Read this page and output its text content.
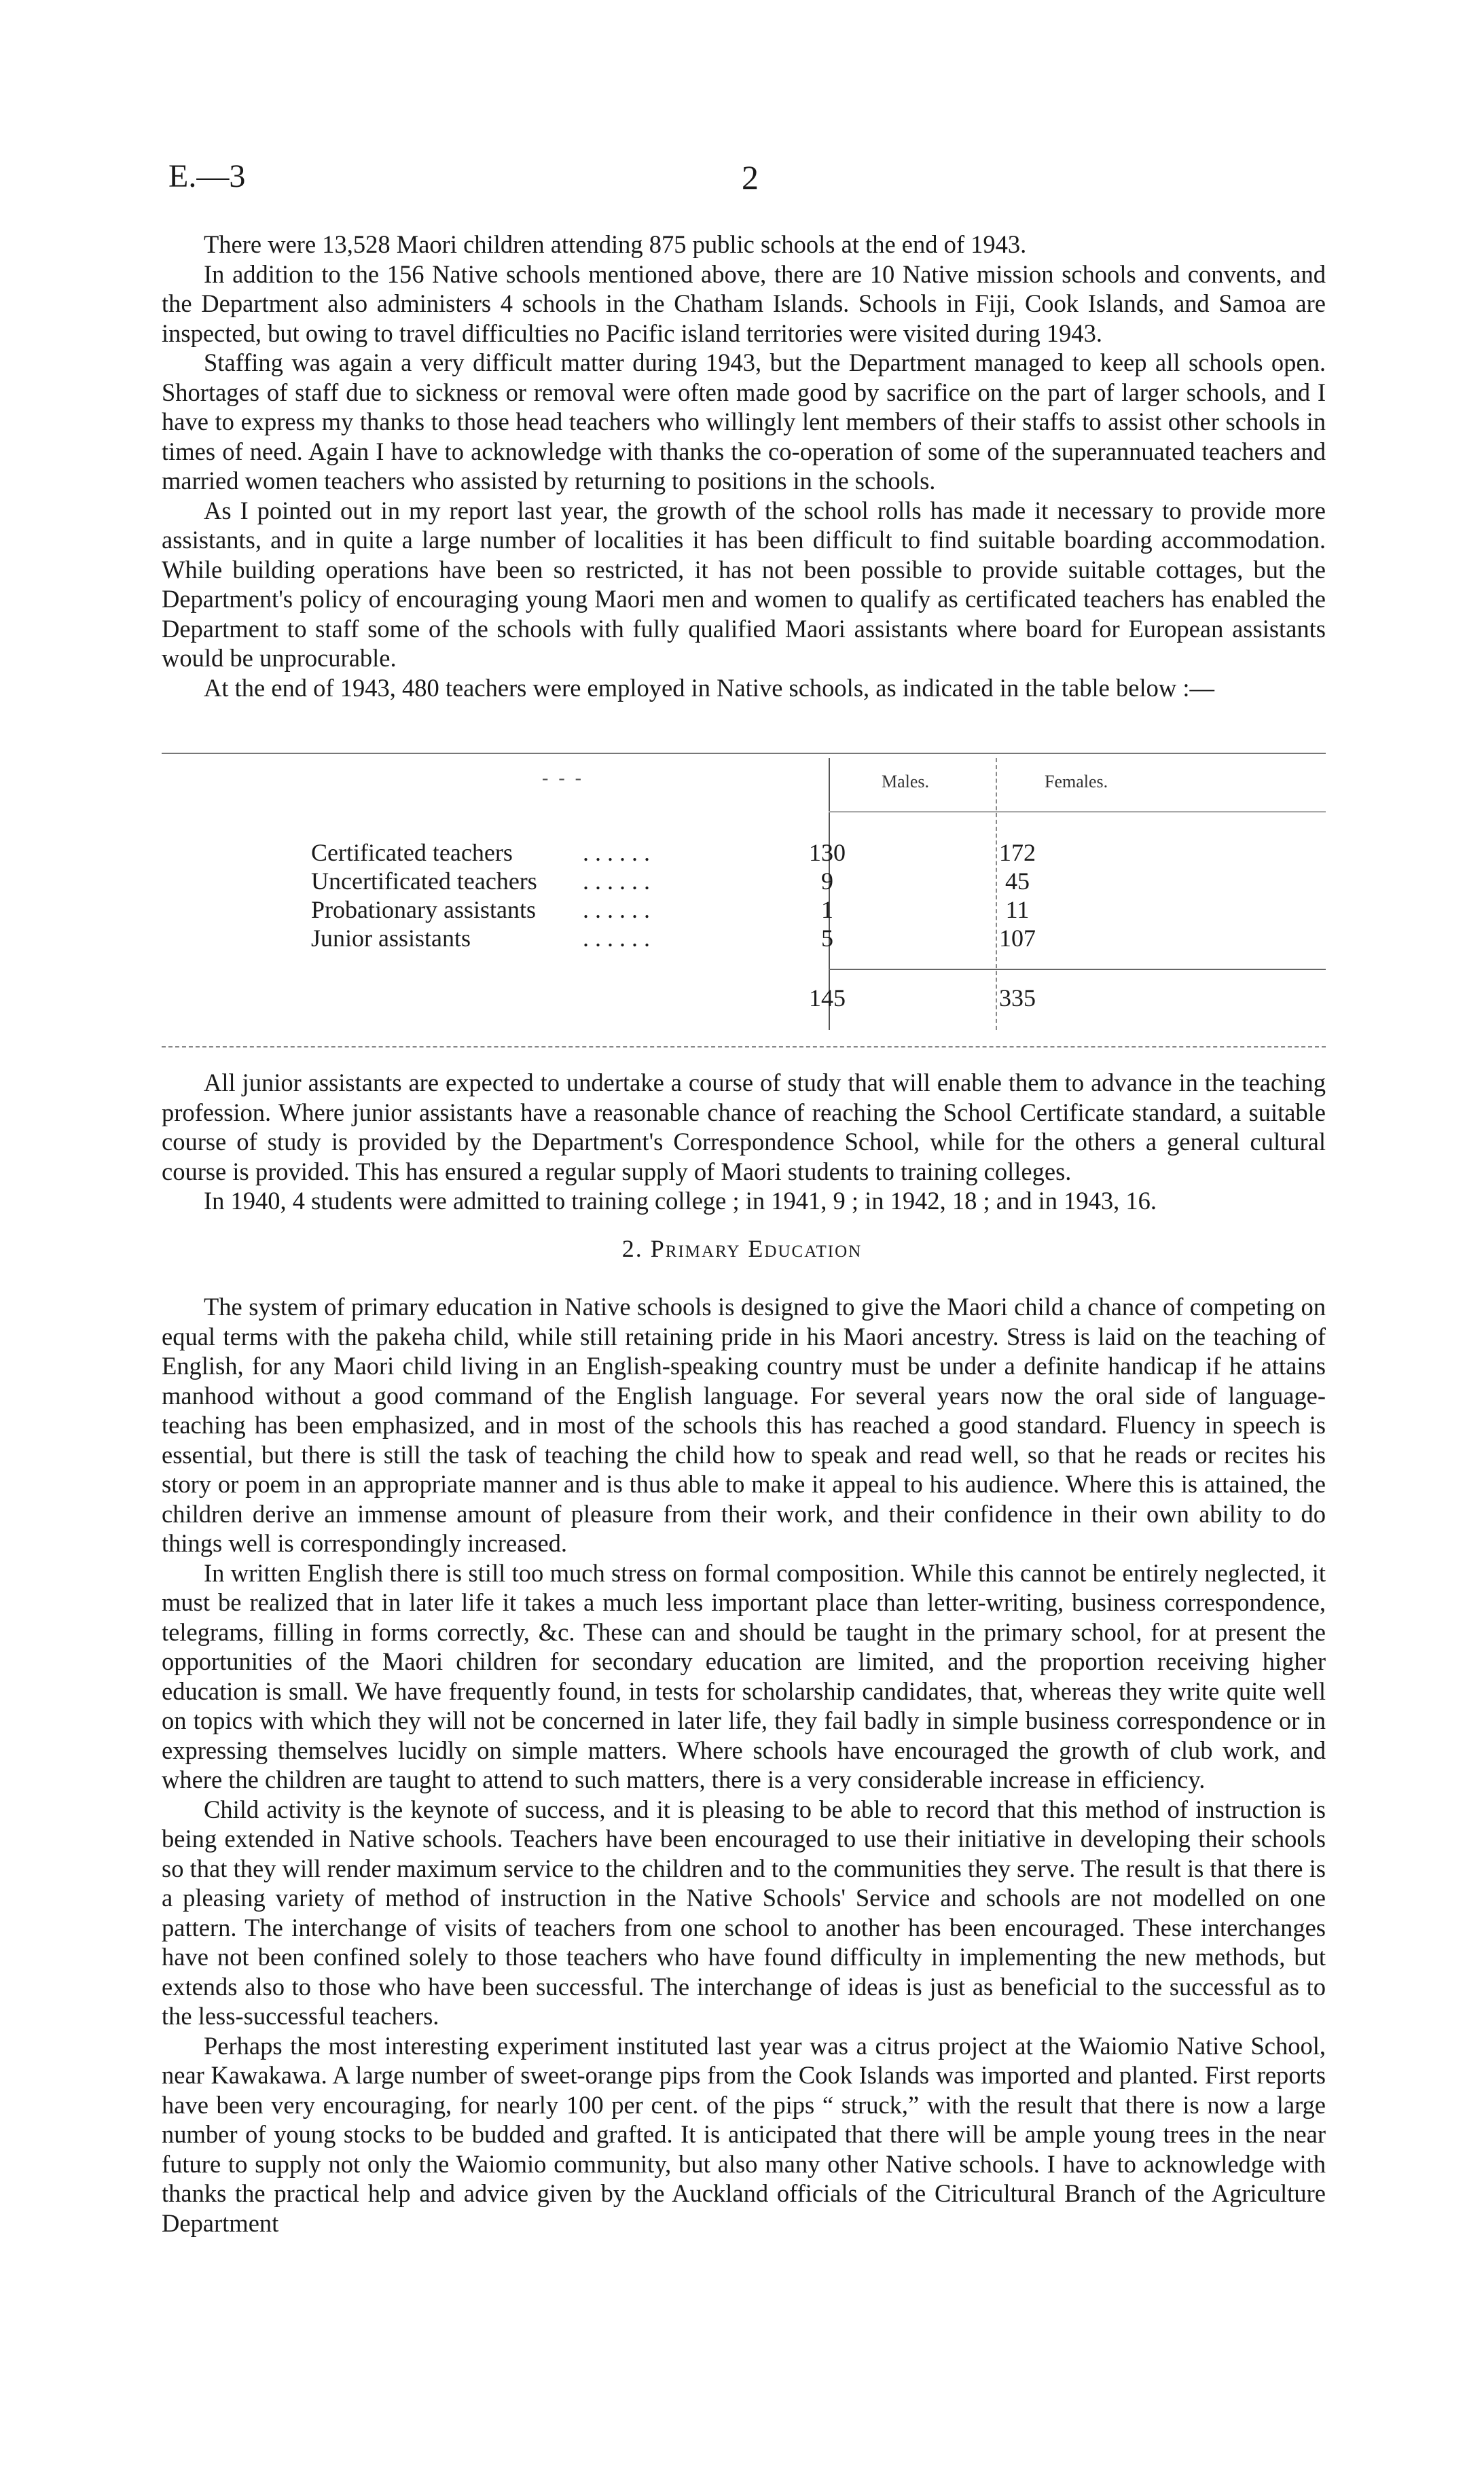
E.—3	2

There were 13,528 Maori children attending 875 public schools at the end of 1943.

In addition to the 156 Native schools mentioned above, there are 10 Native mission schools and convents, and the Department also administers 4 schools in the Chatham Islands. Schools in Fiji, Cook Islands, and Samoa are inspected, but owing to travel difficulties no Pacific island territories were visited during 1943.

Staffing was again a very difficult matter during 1943, but the Department managed to keep all schools open. Shortages of staff due to sickness or removal were often made good by sacrifice on the part of larger schools, and I have to express my thanks to those head teachers who willingly lent members of their staffs to assist other schools in times of need. Again I have to acknowledge with thanks the co-operation of some of the superannuated teachers and married women teachers who assisted by returning to positions in the schools.

As I pointed out in my report last year, the growth of the school rolls has made it necessary to provide more assistants, and in quite a large number of localities it has been difficult to find suitable boarding accommodation. While building operations have been so restricted, it has not been possible to provide suitable cottages, but the Department's policy of encouraging young Maori men and women to qualify as certificated teachers has enabled the Department to staff some of the schools with fully qualified Maori assistants where board for European assistants would be unprocurable.

At the end of 1943, 480 teachers were employed in Native schools, as indicated in the table below :—

- - -	Males.	Females.
Certificated teachers	. . . . . .	130	172
Uncertificated teachers	. . . . . .	9	45
Probationary assistants	. . . . . .	1	11
Junior assistants	. . . . . .	5	107
145	335

All junior assistants are expected to undertake a course of study that will enable them to advance in the teaching profession. Where junior assistants have a reasonable chance of reaching the School Certificate standard, a suitable course of study is provided by the Department's Correspondence School, while for the others a general cultural course is provided. This has ensured a regular supply of Maori students to training colleges.

In 1940, 4 students were admitted to training college ; in 1941, 9 ; in 1942, 18 ; and in 1943, 16.

2. Primary Education

The system of primary education in Native schools is designed to give the Maori child a chance of competing on equal terms with the pakeha child, while still retaining pride in his Maori ancestry. Stress is laid on the teaching of English, for any Maori child living in an English-speaking country must be under a definite handicap if he attains manhood without a good command of the English language. For several years now the oral side of language-teaching has been emphasized, and in most of the schools this has reached a good standard. Fluency in speech is essential, but there is still the task of teaching the child how to speak and read well, so that he reads or recites his story or poem in an appropriate manner and is thus able to make it appeal to his audience. Where this is attained, the children derive an immense amount of pleasure from their work, and their confidence in their own ability to do things well is correspondingly increased.

In written English there is still too much stress on formal composition. While this cannot be entirely neglected, it must be realized that in later life it takes a much less important place than letter-writing, business correspondence, telegrams, filling in forms correctly, &c. These can and should be taught in the primary school, for at present the opportunities of the Maori children for secondary education are limited, and the proportion receiving higher education is small. We have frequently found, in tests for scholarship candidates, that, whereas they write quite well on topics with which they will not be concerned in later life, they fail badly in simple business correspondence or in expressing themselves lucidly on simple matters. Where schools have encouraged the growth of club work, and where the children are taught to attend to such matters, there is a very considerable increase in efficiency.

Child activity is the keynote of success, and it is pleasing to be able to record that this method of instruction is being extended in Native schools. Teachers have been encouraged to use their initiative in developing their schools so that they will render maximum service to the children and to the communities they serve. The result is that there is a pleasing variety of method of instruction in the Native Schools' Service and schools are not modelled on one pattern. The interchange of visits of teachers from one school to another has been encouraged. These interchanges have not been confined solely to those teachers who have found difficulty in implementing the new methods, but extends also to those who have been successful. The interchange of ideas is just as beneficial to the successful as to the less-successful teachers.

Perhaps the most interesting experiment instituted last year was a citrus project at the Waiomio Native School, near Kawakawa. A large number of sweet-orange pips from the Cook Islands was imported and planted. First reports have been very encouraging, for nearly 100 per cent. of the pips “ struck,” with the result that there is now a large number of young stocks to be budded and grafted. It is anticipated that there will be ample young trees in the near future to supply not only the Waiomio community, but also many other Native schools. I have to acknowledge with thanks the practical help and advice given by the Auckland officials of the Citricultural Branch of the Agriculture Department
